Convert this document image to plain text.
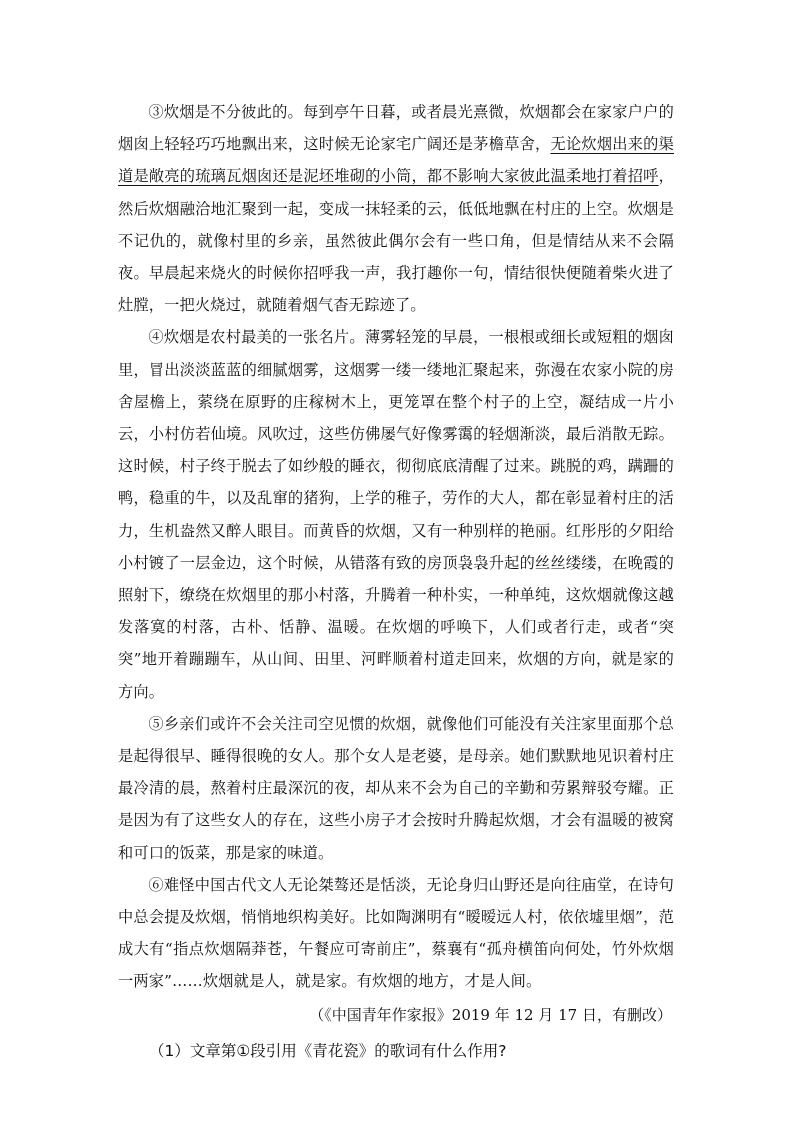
③炊烟是不分彼此的。每到亭午日暮，或者晨光熹微，炊烟都会在家家户户的烟囱上轻轻巧巧地飘出来，这时候无论家宅广阔还是茅檐草舍，无论炊烟出来的渠道是敞亮的琉璃瓦烟囱还是泥坯堆砌的小筒，都不影响大家彼此温柔地打着招呼，然后炊烟融洽地汇聚到一起，变成一抹轻柔的云，低低地飘在村庄的上空。炊烟是不记仇的，就像村里的乡亲，虽然彼此偶尔会有一些口角，但是情结从来不会隔夜。早晨起来烧火的时候你招呼我一声，我打趣你一句，情结很快便随着柴火进了灶膛，一把火烧过，就随着烟气杳无踪迹了。

④炊烟是农村最美的一张名片。薄雾轻笼的早晨，一根根或细长或短粗的烟囱里，冒出淡淡蓝蓝的细腻烟雾，这烟雾一缕一缕地汇聚起来，弥漫在农家小院的房舍屋檐上，萦绕在原野的庄稼树木上，更笼罩在整个村子的上空，凝结成一片小云，小村仿若仙境。风吹过，这些仿佛屡气好像雾霭的轻烟渐淡，最后消散无踪。这时候，村子终于脱去了如纱般的睡衣，彻彻底底清醒了过来。跳脱的鸡，蹒跚的鸭，稳重的牛，以及乱窜的猪狗，上学的稚子，劳作的大人，都在彰显着村庄的活力，生机盎然又醉人眼目。而黄昏的炊烟，又有一种别样的艳丽。红彤彤的夕阳给小村镀了一层金边，这个时候，从错落有致的房顶袅袅升起的丝丝缕缕，在晚霞的照射下，缭绕在炊烟里的那小村落，升腾着一种朴实，一种单纯，这炊烟就像这越发落寞的村落，古朴、恬静、温暖。在炊烟的呼唤下，人们或者行走，或者“突突”地开着蹦蹦车，从山间、田里、河畔顺着村道走回来，炊烟的方向，就是家的方向。

⑤乡亲们或许不会关注司空见惯的炊烟，就像他们可能没有关注家里面那个总是起得很早、睡得很晚的女人。那个女人是老婆，是母亲。她们默默地见识着村庄最冷清的晨，熬着村庄最深沉的夜，却从来不会为自己的辛勤和劳累辩驳夸耀。正是因为有了这些女人的存在，这些小房子才会按时升腾起炊烟，才会有温暖的被窝和可口的饭菜，那是家的味道。

⑥难怪中国古代文人无论桀骜还是恬淡，无论身归山野还是向往庙堂，在诗句中总会提及炊烟，悄悄地织构美好。比如陶渊明有“暧暧远人村，依依墟里烟”，范成大有“指点炊烟隔莽苍，午餐应可寄前庄”，蔡襄有“孤舟横笛向何处，竹外炊烟一两家”……炊烟就是人，就是家。有炊烟的地方，才是人间。

（《中国青年作家报》2019 年 12 月 17 日，有删改）

（1）文章第①段引用《青花瓷》的歌词有什么作用?
